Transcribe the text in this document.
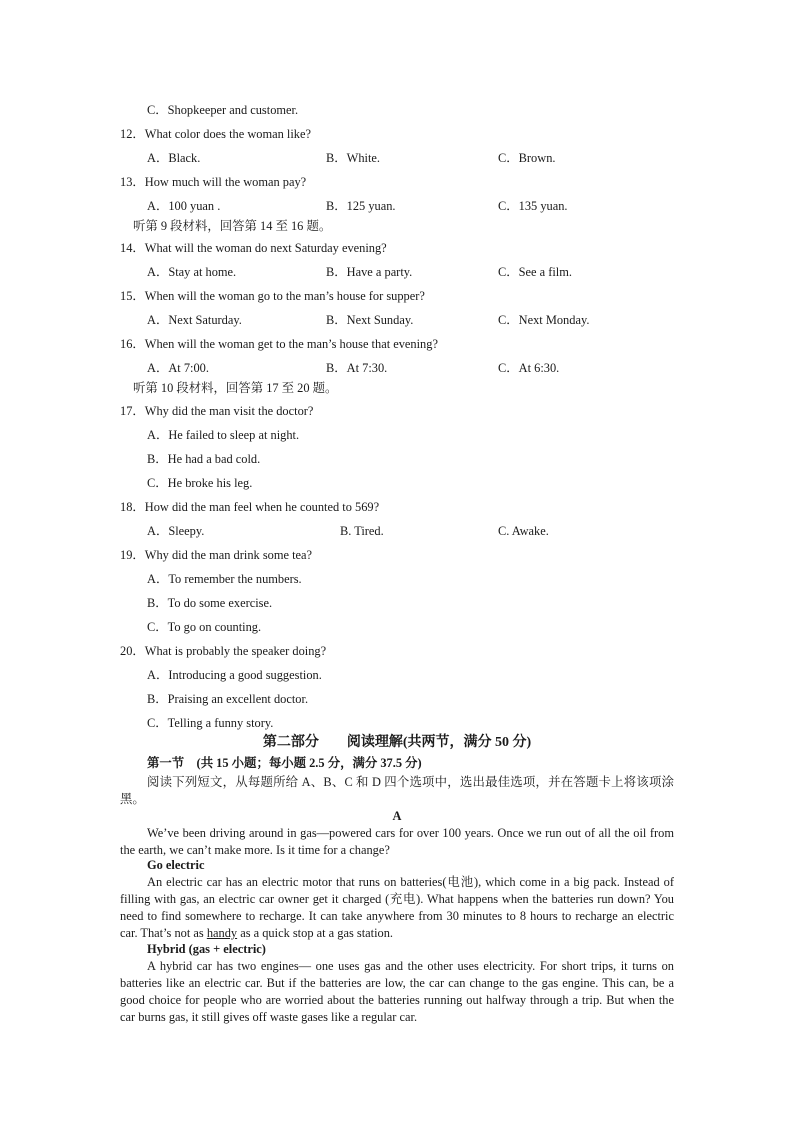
C．Shopkeeper and customer.
12．What color does the woman like?
A．Black.	B．White.	C．Brown.
13．How much will the woman pay?
A．100 yuan .	B．125 yuan.	C．135 yuan.
听第 9 段材料，回答第 14 至 16 题。
14．What will the woman do next Saturday evening?
A．Stay at home.	B．Have a party.	C．See a film.
15．When will the woman go to the man’s house for supper?
A．Next Saturday.	B．Next Sunday.	C．Next Monday.
16．When will the woman get to the man’s house that evening?
A．At 7:00.	B．At 7:30.	C．At 6:30.
听第 10 段材料，回答第 17 至 20 题。
17．Why did the man visit the doctor?
A．He failed to sleep at night.
B．He had a bad cold.
C．He broke his leg.
18．How did the man feel when he counted to 569?
A．Sleepy.	B. Tired.	C. Awake.
19．Why did the man drink some tea?
A．To remember the numbers.
B．To do some exercise.
C．To go on counting.
20．What is probably the speaker doing?
A．Introducing a good suggestion.
B．Praising an excellent doctor.
C．Telling a funny story.
第二部分　　阅读理解(共两节，满分 50 分)
第一节　(共 15 小题；每小题 2.5 分，满分 37.5 分)

阅读下列短文，从每题所给 A、B、C 和 D 四个选项中，选出最佳选项，并在答题卡上将该项涂黑。

A

We’ve been driving around in gas—powered cars for over 100 years. Once we run out of all the oil from the earth, we can’t make more. Is it time for a change?

Go electric

An electric car has an electric motor that runs on batteries(电池), which come in a big pack. Instead of filling with gas, an electric car owner get it charged (充电). What happens when the batteries run down? You need to find somewhere to recharge. It can take anywhere from 30 minutes to 8 hours to recharge an electric car. That’s not as handy as a quick stop at a gas station.

Hybrid (gas + electric)

A hybrid car has two engines— one uses gas and the other uses electricity. For short trips, it turns on batteries like an electric car. But if the batteries are low, the car can change to the gas engine. This can, be a good choice for people who are worried about the batteries running out halfway through a trip. But when the car burns gas, it still gives off waste gases like a regular car.
